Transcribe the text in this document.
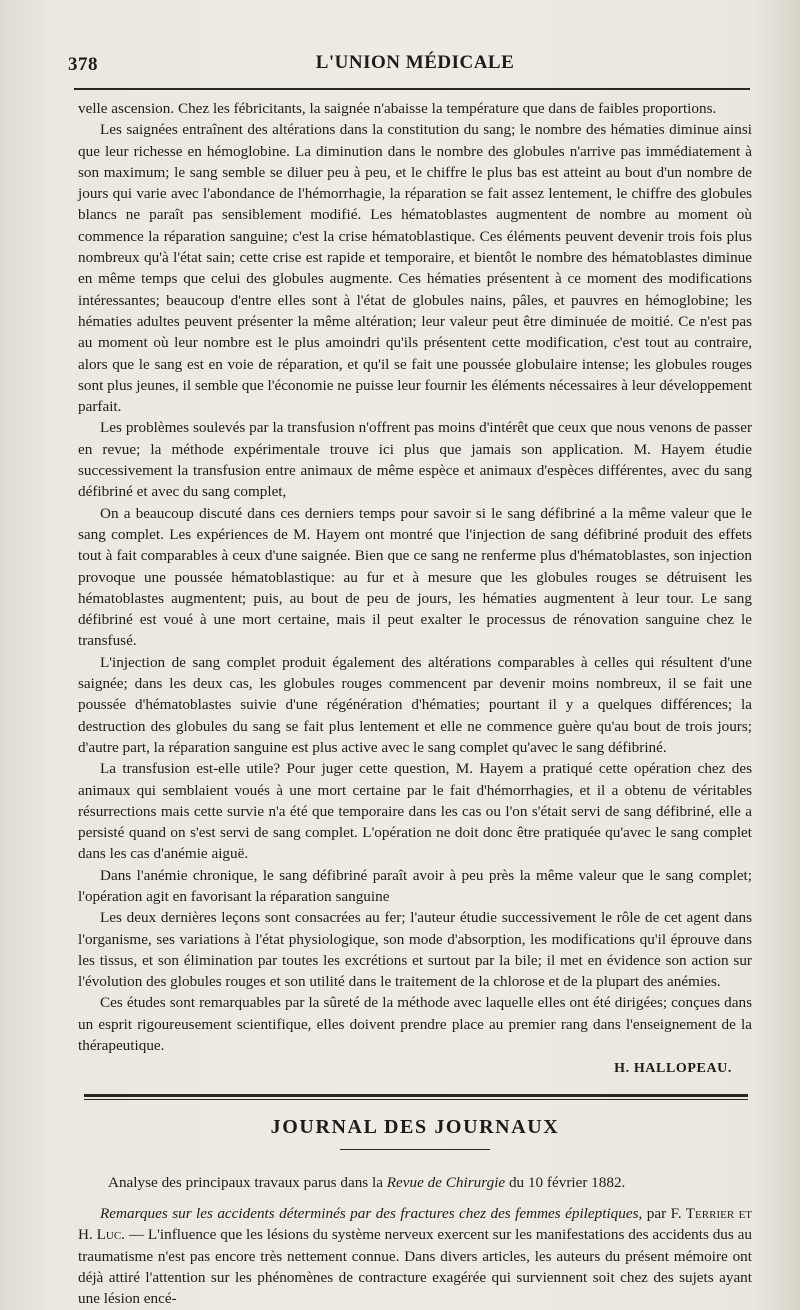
378	L'UNION MÉDICALE

velle ascension. Chez les fébricitants, la saignée n'abaisse la température que dans de faibles proportions.

Les saignées entraînent des altérations dans la constitution du sang; le nombre des hématies diminue ainsi que leur richesse en hémoglobine. La diminution dans le nombre des globules n'arrive pas immédiatement à son maximum; le sang semble se diluer peu à peu, et le chiffre le plus bas est atteint au bout d'un nombre de jours qui varie avec l'abondance de l'hémorrhagie, la réparation se fait assez lentement, le chiffre des globules blancs ne paraît pas sensiblement modifié. Les hématoblastes augmentent de nombre au moment où commence la réparation sanguine; c'est la crise hématoblastique. Ces éléments peuvent devenir trois fois plus nombreux qu'à l'état sain; cette crise est rapide et temporaire, et bientôt le nombre des hématoblastes diminue en même temps que celui des globules augmente. Ces hématies présentent à ce moment des modifications intéressantes; beaucoup d'entre elles sont à l'état de globules nains, pâles, et pauvres en hémoglobine; les hématies adultes peuvent présenter la même altération; leur valeur peut être diminuée de moitié. Ce n'est pas au moment où leur nombre est le plus amoindri qu'ils présentent cette modification, c'est tout au contraire, alors que le sang est en voie de réparation, et qu'il se fait une poussée globulaire intense; les globules rouges sont plus jeunes, il semble que l'économie ne puisse leur fournir les éléments nécessaires à leur développement parfait.

Les problèmes soulevés par la transfusion n'offrent pas moins d'intérêt que ceux que nous venons de passer en revue; la méthode expérimentale trouve ici plus que jamais son application. M. Hayem étudie successivement la transfusion entre animaux de même espèce et animaux d'espèces différentes, avec du sang défibriné et avec du sang complet,

On a beaucoup discuté dans ces derniers temps pour savoir si le sang défibriné a la même valeur que le sang complet. Les expériences de M. Hayem ont montré que l'injection de sang défibriné produit des effets tout à fait comparables à ceux d'une saignée. Bien que ce sang ne renferme plus d'hématoblastes, son injection provoque une poussée hématoblastique: au fur et à mesure que les globules rouges se détruisent les hématoblastes augmentent; puis, au bout de peu de jours, les hématies augmentent à leur tour. Le sang défibriné est voué à une mort certaine, mais il peut exalter le processus de rénovation sanguine chez le transfusé.

L'injection de sang complet produit également des altérations comparables à celles qui résultent d'une saignée; dans les deux cas, les globules rouges commencent par devenir moins nombreux, il se fait une poussée d'hématoblastes suivie d'une régénération d'hématies; pourtant il y a quelques différences; la destruction des globules du sang se fait plus lentement et elle ne commence guère qu'au bout de trois jours; d'autre part, la réparation sanguine est plus active avec le sang complet qu'avec le sang défibriné.

La transfusion est-elle utile? Pour juger cette question, M. Hayem a pratiqué cette opération chez des animaux qui semblaient voués à une mort certaine par le fait d'hémorrhagies, et il a obtenu de véritables résurrections mais cette survie n'a été que temporaire dans les cas ou l'on s'était servi de sang défibriné, elle a persisté quand on s'est servi de sang complet. L'opération ne doit donc être pratiquée qu'avec le sang complet dans les cas d'anémie aiguë.

Dans l'anémie chronique, le sang défibriné paraît avoir à peu près la même valeur que le sang complet; l'opération agit en favorisant la réparation sanguine

Les deux dernières leçons sont consacrées au fer; l'auteur étudie successivement le rôle de cet agent dans l'organisme, ses variations à l'état physiologique, son mode d'absorption, les modifications qu'il éprouve dans les tissus, et son élimination par toutes les excrétions et surtout par la bile; il met en évidence son action sur l'évolution des globules rouges et son utilité dans le traitement de la chlorose et de la plupart des anémies.

Ces études sont remarquables par la sûreté de la méthode avec laquelle elles ont été dirigées; conçues dans un esprit rigoureusement scientifique, elles doivent prendre place au premier rang dans l'enseignement de la thérapeutique.

H. HALLOPEAU.
JOURNAL DES JOURNAUX
Analyse des principaux travaux parus dans la Revue de Chirurgie du 10 février 1882.

Remarques sur les accidents déterminés par des fractures chez des femmes épileptiques, par F. Terrier et H. Luc. — L'influence que les lésions du système nerveux exercent sur les manifestations des accidents dus au traumatisme n'est pas encore très nettement connue. Dans divers articles, les auteurs du présent mémoire ont déjà attiré l'attention sur les phénomènes de contracture exagérée qui surviennent soit chez des sujets ayant une lésion encé-
